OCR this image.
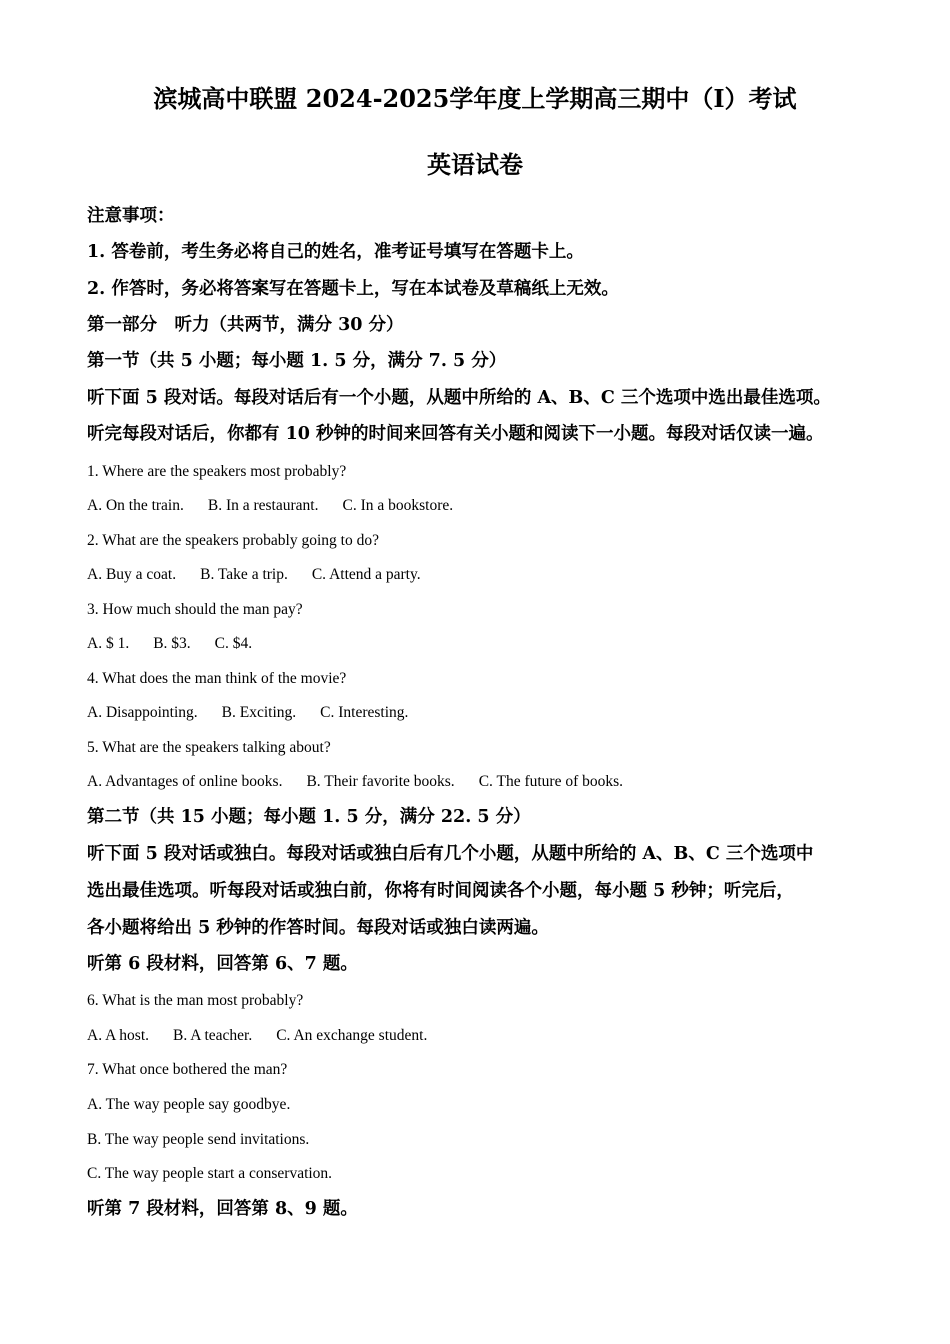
滨城高中联盟 2024-2025学年度上学期高三期中（I）考试
英语试卷
注意事项：
1. 答卷前，考生务必将自己的姓名，准考证号填写在答题卡上。
2. 作答时，务必将答案写在答题卡上，写在本试卷及草稿纸上无效。
第一部分　听力（共两节，满分 30 分）
第一节（共 5 小题；每小题 1. 5 分，满分 7. 5 分）
听下面 5 段对话。每段对话后有一个小题，从题中所给的 A、B、C 三个选项中选出最佳选项。
听完每段对话后，你都有 10 秒钟的时间来回答有关小题和阅读下一小题。每段对话仅读一遍。
1. Where are the speakers most probably?
A. On the train. B. In a restaurant. C. In a bookstore.
2. What are the speakers probably going to do?
A. Buy a coat. B. Take a trip. C. Attend a party.
3. How much should the man pay?
A. $ 1. B. $3. C. $4.
4. What does the man think of the movie?
A. Disappointing. B. Exciting. C. Interesting.
5. What are the speakers talking about?
A. Advantages of online books. B. Their favorite books. C. The future of books.
第二节（共 15 小题；每小题 1. 5 分，满分 22. 5 分）
听下面 5 段对话或独白。每段对话或独白后有几个小题，从题中所给的 A、B、C 三个选项中
选出最佳选项。听每段对话或独白前，你将有时间阅读各个小题，每小题 5 秒钟；听完后，
各小题将给出 5 秒钟的作答时间。每段对话或独白读两遍。
听第 6 段材料，回答第 6、7 题。
6. What is the man most probably?
A. A host. B. A teacher. C. An exchange student.
7. What once bothered the man?
A. The way people say goodbye.
B. The way people send invitations.
C. The way people start a conservation.
听第 7 段材料，回答第 8、9 题。
